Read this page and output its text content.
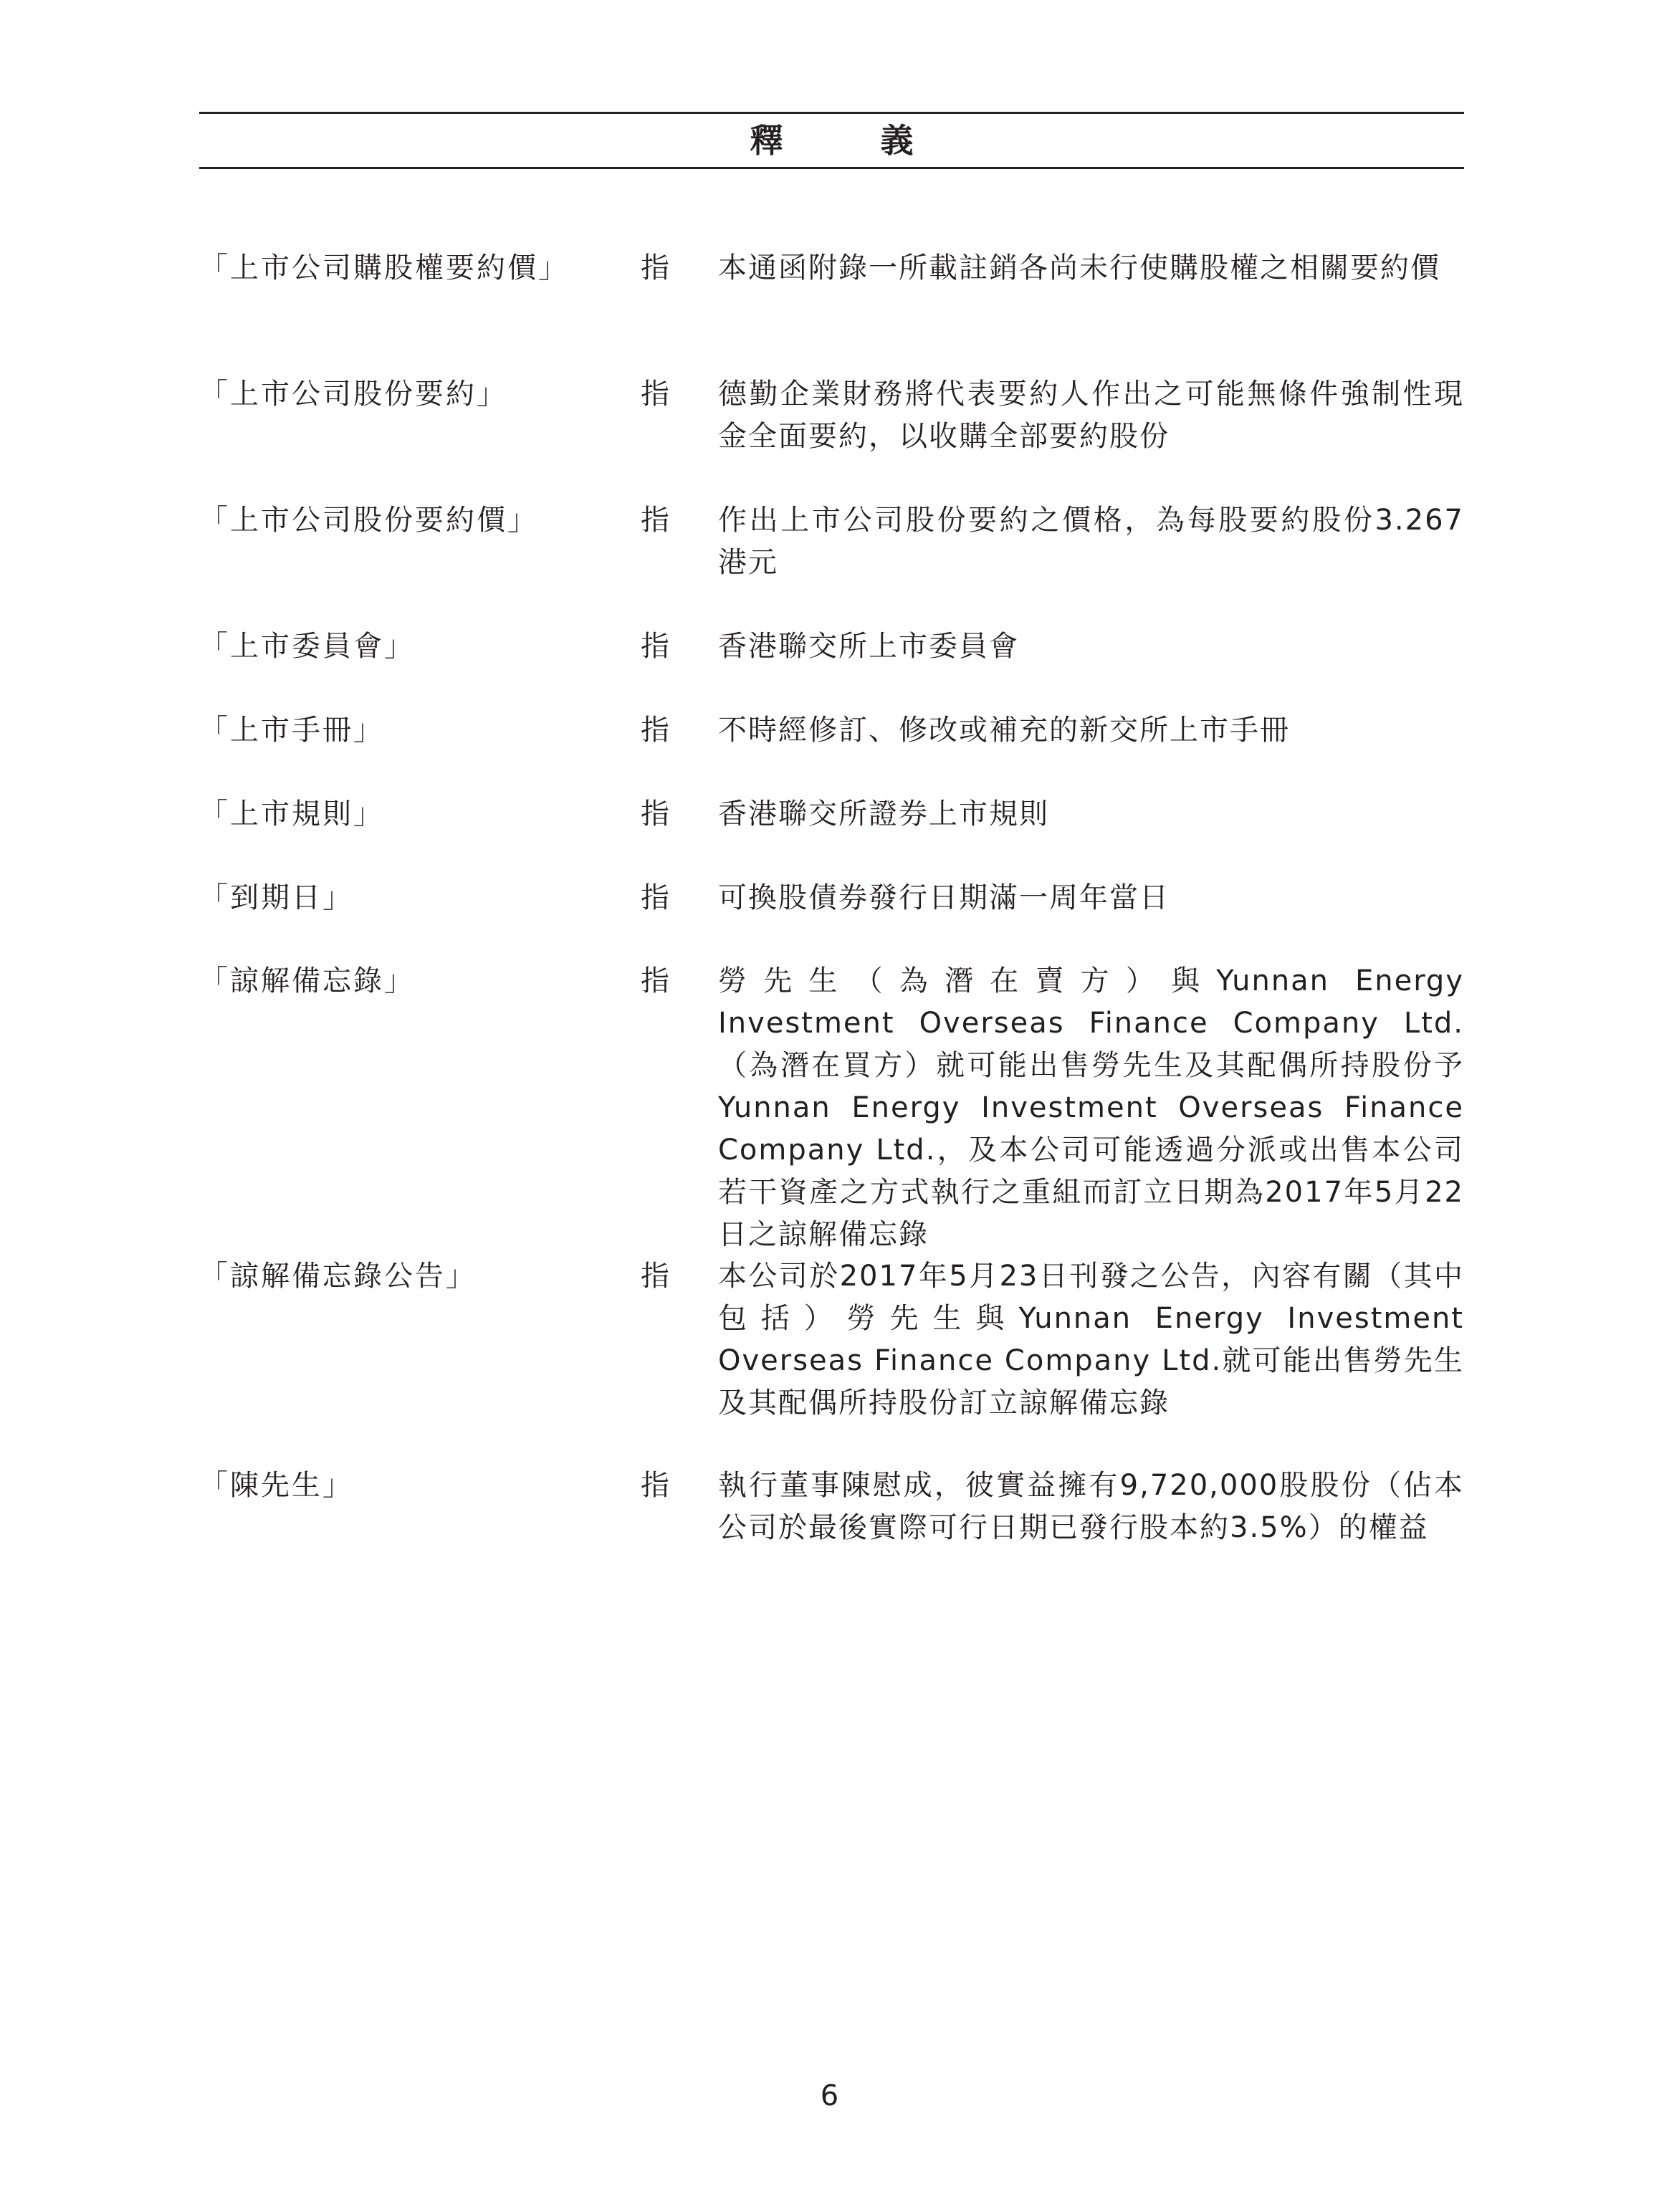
釋 義
「上市公司購股權要約價」	指	本通函附錄一所載註銷各尚未行使購股權之相關要約價
「上市公司股份要約」	指	德勤企業財務將代表要約人作出之可能無條件強制性現金全面要約，以收購全部要約股份
「上市公司股份要約價」	指	作出上市公司股份要約之價格，為每股要約股份3.267港元
「上市委員會」	指	香港聯交所上市委員會
「上市手冊」	指	不時經修訂、修改或補充的新交所上市手冊
「上市規則」	指	香港聯交所證券上市規則
「到期日」	指	可換股債券發行日期滿一周年當日
「諒解備忘錄」	指	勞先生（為潛在賣方）與Yunnan Energy Investment Overseas Finance Company Ltd.（為潛在買方）就可能出售勞先生及其配偶所持股份予Yunnan Energy Investment Overseas Finance Company Ltd.，及本公司可能透過分派或出售本公司若干資產之方式執行之重組而訂立日期為2017年5月22日之諒解備忘錄
「諒解備忘錄公告」	指	本公司於2017年5月23日刊發之公告，內容有關（其中包括）勞先生與Yunnan Energy Investment Overseas Finance Company Ltd.就可能出售勞先生及其配偶所持股份訂立諒解備忘錄
「陳先生」	指	執行董事陳慰成，彼實益擁有9,720,000股股份（佔本公司於最後實際可行日期已發行股本約3.5%）的權益
6
